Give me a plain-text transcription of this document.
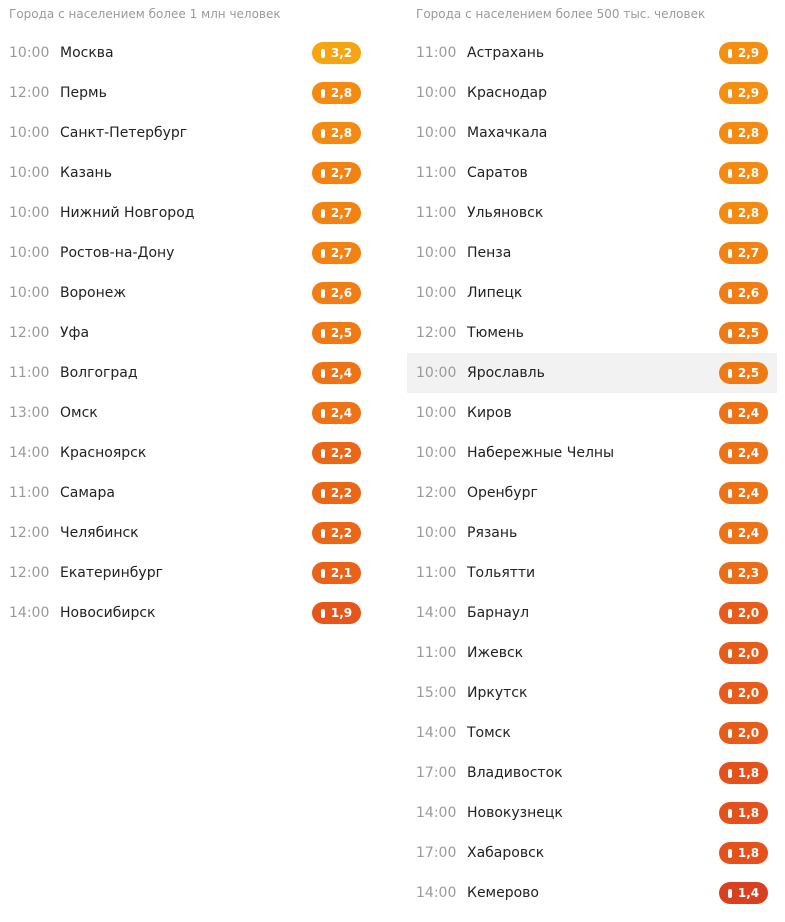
Города с населением более 1 млн человек
10:00 Москва	3,2
12:00 Пермь	2,8
10:00 Санкт-Петербург	2,8
10:00 Казань	2,7
10:00 Нижний Новгород	2,7
10:00 Ростов-на-Дону	2,7
10:00 Воронеж	2,6
12:00 Уфа	2,5
11:00 Волгоград	2,4
13:00 Омск	2,4
14:00 Красноярск	2,2
11:00 Самара	2,2
12:00 Челябинск	2,2
12:00 Екатеринбург	2,1
14:00 Новосибирск	1,9
Города с населением более 500 тыс. человек
11:00 Астрахань	2,9
10:00 Краснодар	2,9
10:00 Махачкала	2,8
11:00 Саратов	2,8
11:00 Ульяновск	2,8
10:00 Пенза	2,7
10:00 Липецк	2,6
12:00 Тюмень	2,5
10:00 Ярославль	2,5
10:00 Киров	2,4
10:00 Набережные Челны	2,4
12:00 Оренбург	2,4
10:00 Рязань	2,4
11:00 Тольятти	2,3
14:00 Барнаул	2,0
11:00 Ижевск	2,0
15:00 Иркутск	2,0
14:00 Томск	2,0
17:00 Владивосток	1,8
14:00 Новокузнецк	1,8
17:00 Хабаровск	1,8
14:00 Кемерово	1,4
